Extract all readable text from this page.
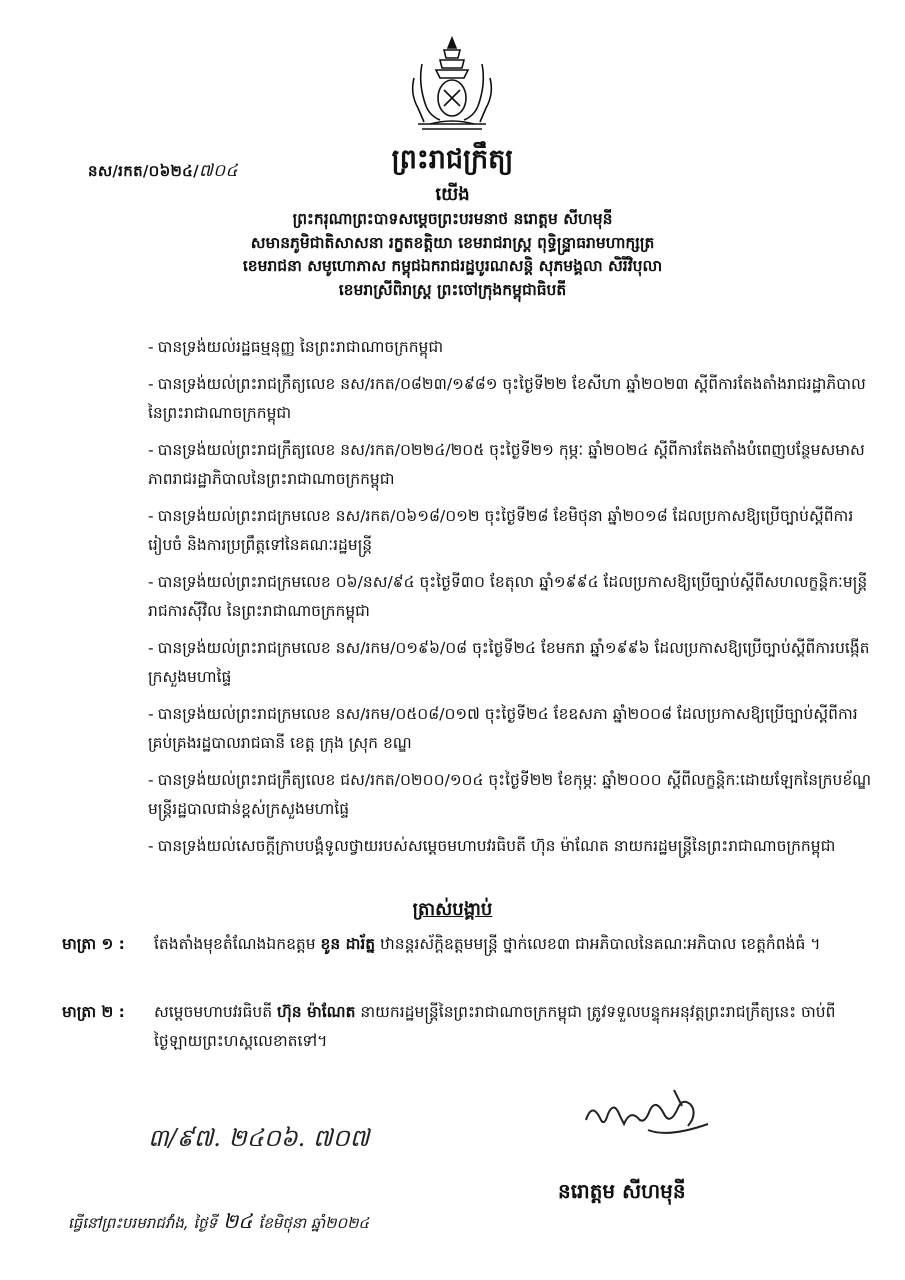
នស/រកត/០៦២៤/៧០៤	ព្រះរាជក្រឹត្យ
យើង
ព្រះករុណាព្រះបាទសម្តេចព្រះបរមនាថ នរោត្តម សីហមុនី
សមានភូមិជាតិសាសនា រក្ខតខត្តិយា ខេមរាជរាស្ត្រ ពុទ្ធិន្ទ្រាធរាមហាក្សត្រ
ខេមរាជនា សមូហោភាស កម្ពុជឯករាជរដ្ឋបូរណសន្តិ សុភមង្គលា សិរីវិបុលា
ខេមរាស្រីពិរាស្ត្រ ព្រះចៅក្រុងកម្ពុជាធិបតី
- បានទ្រង់យល់រដ្ឋធម្មនុញ្ញ នៃព្រះរាជាណាចក្រកម្ពុជា
- បានទ្រង់យល់ព្រះរាជក្រឹត្យលេខ នស/រកត/០៨២៣/១៩៨១ ចុះថ្ងៃទី២២ ខែសីហា ឆ្នាំ២០២៣ ស្តីពីការតែងតាំងរាជរដ្ឋាភិបាលនៃព្រះរាជាណាចក្រកម្ពុជា
- បានទ្រង់យល់ព្រះរាជក្រឹត្យលេខ នស/រកត/០២២៤/២០៥ ចុះថ្ងៃទី២១ កុម្ភៈ ឆ្នាំ២០២៤ ស្តីពីការតែងតាំងបំពេញបន្ថែមសមាសភាពរាជរដ្ឋាភិបាលនៃព្រះរាជាណាចក្រកម្ពុជា
- បានទ្រង់យល់ព្រះរាជក្រមលេខ នស/រកត/០៦១៨/០១២ ចុះថ្ងៃទី២៨ ខែមិថុនា ឆ្នាំ២០១៨ ដែលប្រកាសឱ្យប្រើច្បាប់ស្តីពីការរៀបចំ និងការប្រព្រឹត្តទៅនៃគណៈរដ្ឋមន្ត្រី
- បានទ្រង់យល់ព្រះរាជក្រមលេខ ០៦/នស/៩៤ ចុះថ្ងៃទី៣០ ខែតុលា ឆ្នាំ១៩៩៤ ដែលប្រកាសឱ្យប្រើច្បាប់ស្តីពីសហលក្ខន្តិកៈមន្ត្រីរាជការស៊ីវិល នៃព្រះរាជាណាចក្រកម្ពុជា
- បានទ្រង់យល់ព្រះរាជក្រមលេខ នស/រកម/០១៩៦/០៨ ចុះថ្ងៃទី២៤ ខែមករា ឆ្នាំ១៩៩៦ ដែលប្រកាសឱ្យប្រើច្បាប់ស្តីពីការបង្កើតក្រសួងមហាផ្ទៃ
- បានទ្រង់យល់ព្រះរាជក្រមលេខ នស/រកម/០៥០៨/០១៧ ចុះថ្ងៃទី២៤ ខែឧសភា ឆ្នាំ២០០៨ ដែលប្រកាសឱ្យប្រើច្បាប់ស្តីពីការគ្រប់គ្រងរដ្ឋបាលរាជធានី ខេត្ត ក្រុង ស្រុក ខណ្ឌ
- បានទ្រង់យល់ព្រះរាជក្រឹត្យលេខ ជស/រកត/០២០០/១០៤ ចុះថ្ងៃទី២២ ខែកុម្ភៈ ឆ្នាំ២០០០ ស្តីពីលក្ខន្តិកៈដោយឡែកនៃក្របខ័ណ្ឌមន្ត្រីរដ្ឋបាលជាន់ខ្ពស់ក្រសួងមហាផ្ទៃ
- បានទ្រង់យល់សេចក្តីក្រាបបង្គំទូលថ្វាយរបស់សម្តេចមហាបវរធិបតី ហ៊ុន ម៉ាណែត នាយករដ្ឋមន្ត្រីនៃព្រះរាជាណាចក្រកម្ពុជា
ត្រាស់បង្គាប់
មាត្រា ១ :	តែងតាំងមុខតំណែងឯកឧត្តម ខូន ដារ័ត្ន ឋានន្តរស័ក្តិឧត្តមមន្ត្រី ថ្នាក់លេខ៣ ជាអភិបាលនៃគណៈអភិបាល ខេត្តកំពង់ធំ ។
មាត្រា ២ :	សម្តេចមហាបវរធិបតី ហ៊ុន ម៉ាណែត នាយករដ្ឋមន្ត្រីនៃព្រះរាជាណាចក្រកម្ពុជា ត្រូវទទួលបន្ទុកអនុវត្តព្រះរាជក្រឹត្យនេះ ចាប់ពីថ្ងៃឡាយព្រះហស្តលេខាតទៅ។
៣/៩៧. ២៤០៦. ៧០៧
នរោត្តម សីហមុនី
ធ្វើនៅព្រះបរមរាជវាំង, ថ្ងៃទី ២៤ ខែមិថុនា ឆ្នាំ២០២៤
